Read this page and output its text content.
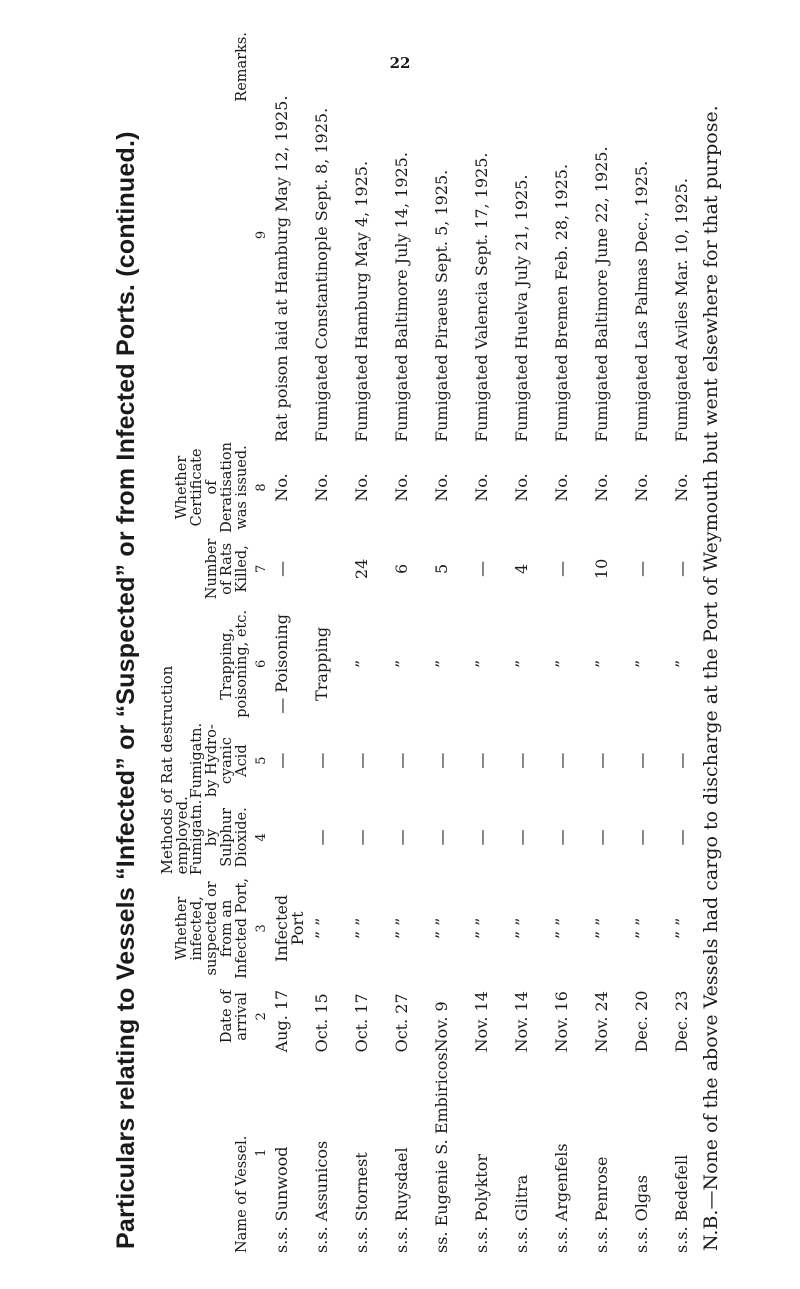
22
Particulars relating to Vessels “Infected” or “Suspected” or from Infected Ports. (continued.)	Name of Vessel.	Date of arrival	Whether infected, suspected or from an Infected Port,	Methods of Rat destruction employed.			Number of Rats Killed,	Whether Certificate of Deratisation was issued.	Remarks.
			Fumigatn. by Sulphur Dioxide.	Fumigatn. by Hydro-cyanic Acid	Trapping, poisoning, etc.			
1	2	3	4	5	6	7	8	9
s.s. Sunwood	Aug. 17	Infected Port		—	— Poisoning	—	No.	Rat poison laid at Hamburg May 12, 1925.

s.s. Assunicos	Oct. 15	” ”	—	—	Trapping		No.	Fumigated Constantinople Sept. 8, 1925.

s.s. Stornest	Oct. 17	” ”	—	—	”	24	No.	Fumigated Hamburg May 4, 1925.

s.s. Ruysdael	Oct. 27	” ”	—	—	”	6	No.	Fumigated Baltimore July 14, 1925.

ss. Eugenie S. Embiricos	Nov. 9	” ”	—	—	”	5	No.	Fumigated Piraeus Sept. 5, 1925.

s.s. Polyktor	Nov. 14	” ”	—	—	”	—	No.	Fumigated Valencia Sept. 17, 1925.

s.s. Glitra	Nov. 14	” ”	—	—	”	4	No.	Fumigated Huelva July 21, 1925.

s.s. Argenfels	Nov. 16	” ”	—	—	”	—	No.	Fumigated Bremen Feb. 28, 1925.

s.s. Penrose	Nov. 24	” ”	—	—	”	10	No.	Fumigated Baltimore June 22, 1925.

s.s. Olgas	Dec. 20	” ”	—	—	”	—	No.	Fumigated Las Palmas Dec., 1925.

s.s. Bedefell	Dec. 23	” ”	—	—	”	—	No.	Fumigated Aviles Mar. 10, 1925. N.B.—None of the above Vessels had cargo to discharge at the Port of Weymouth but went elsewhere for that purpose.
